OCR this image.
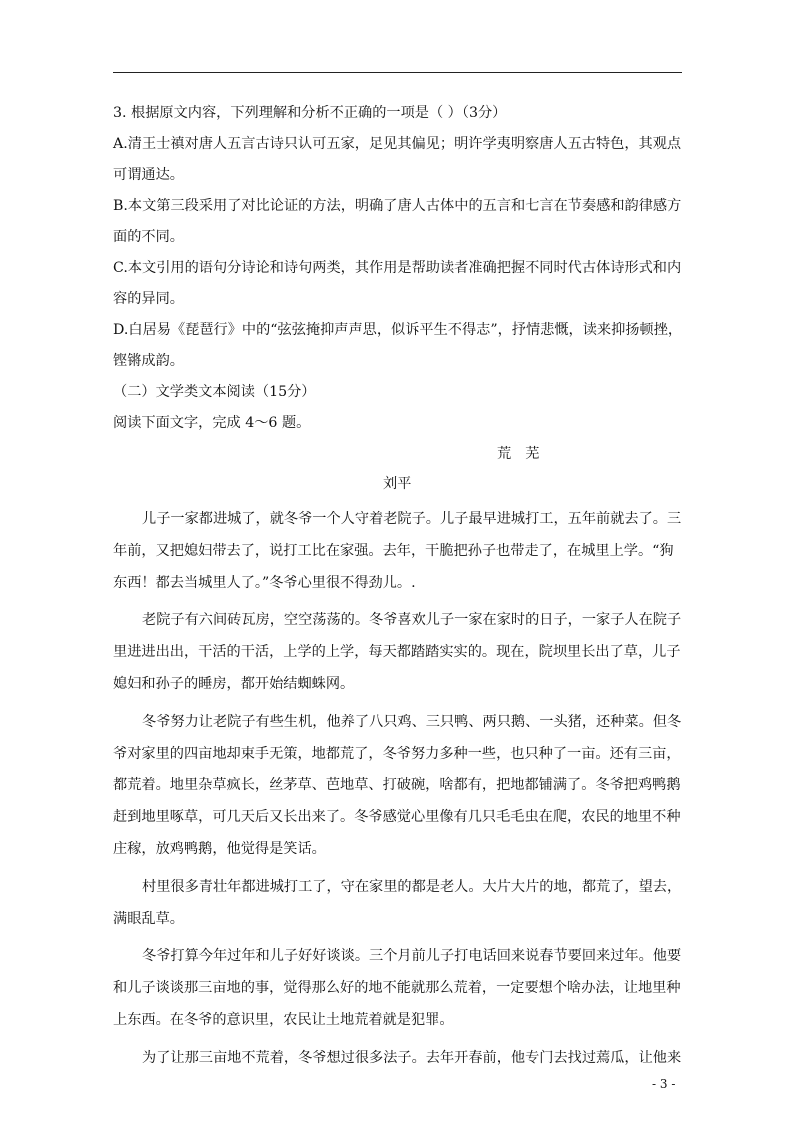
3. 根据原文内容，下列理解和分析不正确的一项是（ ）（3分）

A.清王士禛对唐人五言古诗只认可五家，足见其偏见；明许学夷明察唐人五古特色，其观点可谓通达。

B.本文第三段采用了对比论证的方法，明确了唐人古体中的五言和七言在节奏感和韵律感方面的不同。

C.本文引用的语句分诗论和诗句两类，其作用是帮助读者准确把握不同时代古体诗形式和内容的异同。

D.白居易《琵琶行》中的“弦弦掩抑声声思，似诉平生不得志”，抒情悲慨，读来抑扬顿挫，铿锵成韵。

（二）文学类文本阅读（15分）

阅读下面文字，完成 4～6 题。

荒芜
刘平

儿子一家都进城了，就冬爷一个人守着老院子。儿子最早进城打工，五年前就去了。三年前，又把媳妇带去了，说打工比在家强。去年，干脆把孙子也带走了，在城里上学。“狗东西！都去当城里人了。”冬爷心里很不得劲儿。.

老院子有六间砖瓦房，空空荡荡的。冬爷喜欢儿子一家在家时的日子，一家子人在院子里进进出出，干活的干活，上学的上学，每天都踏踏实实的。现在，院坝里长出了草，儿子媳妇和孙子的睡房，都开始结蜘蛛网。

冬爷努力让老院子有些生机，他养了八只鸡、三只鸭、两只鹅、一头猪，还种菜。但冬爷对家里的四亩地却束手无策，地都荒了，冬爷努力多种一些，也只种了一亩。还有三亩，都荒着。地里杂草疯长，丝茅草、芭地草、打破碗，啥都有，把地都铺满了。冬爷把鸡鸭鹅赶到地里啄草，可几天后又长出来了。冬爷感觉心里像有几只毛毛虫在爬，农民的地里不种庄稼，放鸡鸭鹅，他觉得是笑话。

村里很多青壮年都进城打工了，守在家里的都是老人。大片大片的地，都荒了，望去，满眼乱草。

冬爷打算今年过年和儿子好好谈谈。三个月前儿子打电话回来说春节要回来过年。他要和儿子谈谈那三亩地的事，觉得那么好的地不能就那么荒着，一定要想个啥办法，让地里种上东西。在冬爷的意识里，农民让土地荒着就是犯罪。

为了让那三亩地不荒着，冬爷想过很多法子。去年开春前，他专门去找过蔫瓜，让他来

- 3 -
